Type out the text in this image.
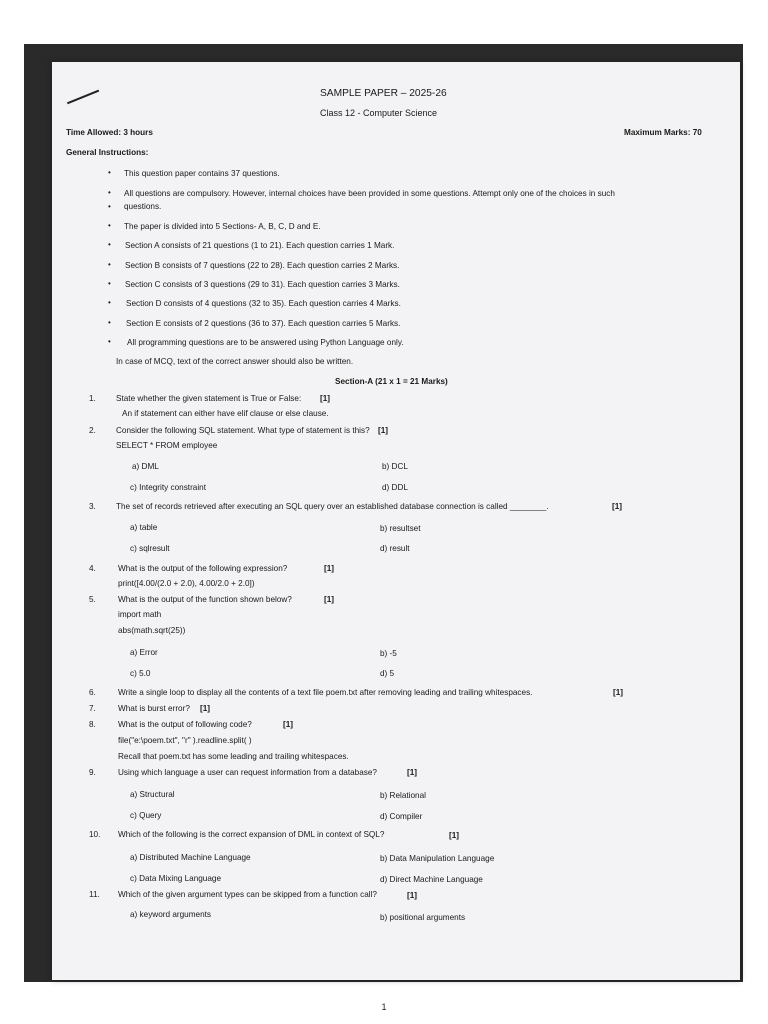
SAMPLE PAPER – 2025-26
Class 12 - Computer Science
Time Allowed: 3 hours	Maximum Marks: 70
General Instructions:
• This question paper contains 37 questions.
• All questions are compulsory. However, internal choices have been provided in some questions. Attempt only one of the choices in such
• questions.
• The paper is divided into 5 Sections- A, B, C, D and E.
• Section A consists of 21 questions (1 to 21). Each question carries 1 Mark.
• Section B consists of 7 questions (22 to 28). Each question carries 2 Marks.
• Section C consists of 3 questions (29 to 31). Each question carries 3 Marks.
• Section D consists of 4 questions (32 to 35). Each question carries 4 Marks.
• Section E consists of 2 questions (36 to 37). Each question carries 5 Marks.
• All programming questions are to be answered using Python Language only.
In case of MCQ, text of the correct answer should also be written.
Section-A (21 x 1 = 21 Marks)
1. State whether the given statement is True or False: [1]
An if statement can either have elif clause or else clause.
2. Consider the following SQL statement. What type of statement is this? [1]
SELECT * FROM employee
a) DML	b) DCL
c) Integrity constraint	d) DDL
3. The set of records retrieved after executing an SQL query over an established database connection is called ________.	[1]
a) table	b) resultset
c) sqlresult	d) result
4.	What is the output of the following expression?	[1]
print([4.00/(2.0 + 2.0), 4.00/2.0 + 2.0])
5.	What is the output of the function shown below?	[1]
import math
abs(math.sqrt(25))
a) Error	b) -5
c) 5.0	d) 5
6.	Write a single loop to display all the contents of a text file poem.txt after removing leading and trailing whitespaces.	[1]
7.	What is burst error? [1]
8.	What is the output of following code?	[1]
file("e:\poem.txt", "r" ).readline.split( )
Recall that poem.txt has some leading and trailing whitespaces.
9.	Using which language a user can request information from a database?	[1]
a) Structural	b) Relational
c) Query	d) Compiler
10. Which of the following is the correct expansion of DML in context of SQL?	[1]
a) Distributed Machine Language	b) Data Manipulation Language
c) Data Mixing Language	d) Direct Machine Language
11. Which of the given argument types can be skipped from a function call?	[1]
a) keyword arguments	b) positional arguments
1
